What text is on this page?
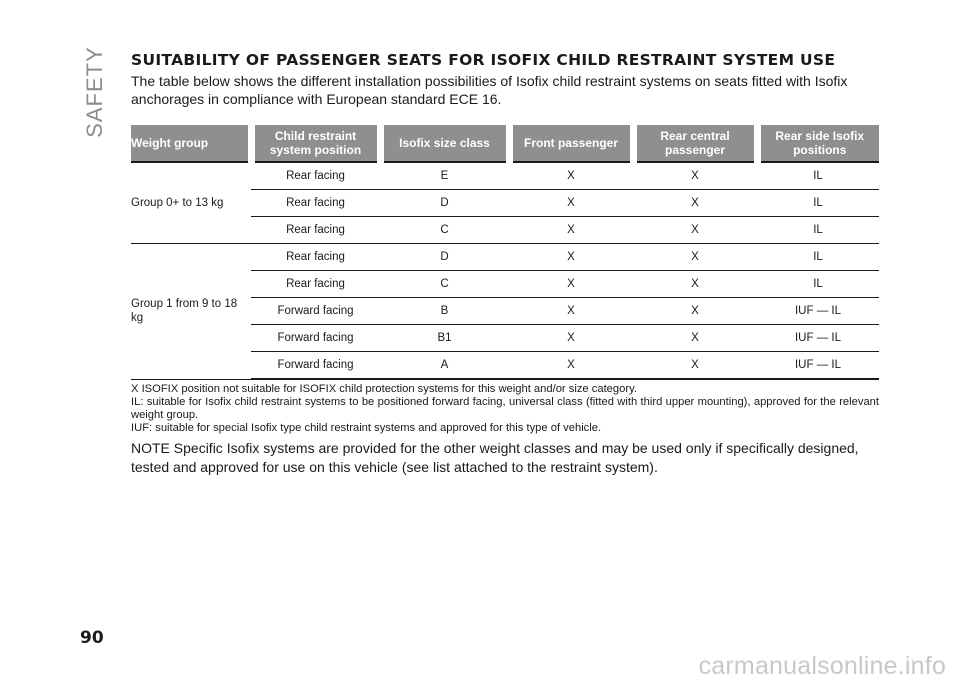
SAFETY SUITABILITY OF PASSENGER SEATS FOR ISOFIX CHILD RESTRAINT SYSTEM USE

The table below shows the different installation possibilities of Isofix child restraint systems on seats fitted with Isofix anchorages in compliance with European standard ECE 16.

Weight group	Child restraint system position	Isofix size class	Front passenger	Rear central passenger	Rear side Isofix positions
Group 0+ to 13 kg	Rear facing	E	X	X	IL
	Rear facing	D	X	X	IL
	Rear facing	C	X	X	IL
Group 1 from 9 to 18 kg	Rear facing	D	X	X	IL
	Rear facing	C	X	X	IL
	Forward facing	B	X	X	IUF — IL
	Forward facing	B1	X	X	IUF — IL
	Forward facing	A	X	X	IUF — IL

X ISOFIX position not suitable for ISOFIX child protection systems for this weight and/or size category.

IL: suitable for Isofix child restraint systems to be positioned forward facing, universal class (fitted with third upper mounting), approved for the relevant weight group.

IUF: suitable for special Isofix type child restraint systems and approved for this type of vehicle.

NOTE Specific Isofix systems are provided for the other weight classes and may be used only if specifically designed, tested and approved for use on this vehicle (see list attached to the restraint system).

90
carmanualsonline.info
